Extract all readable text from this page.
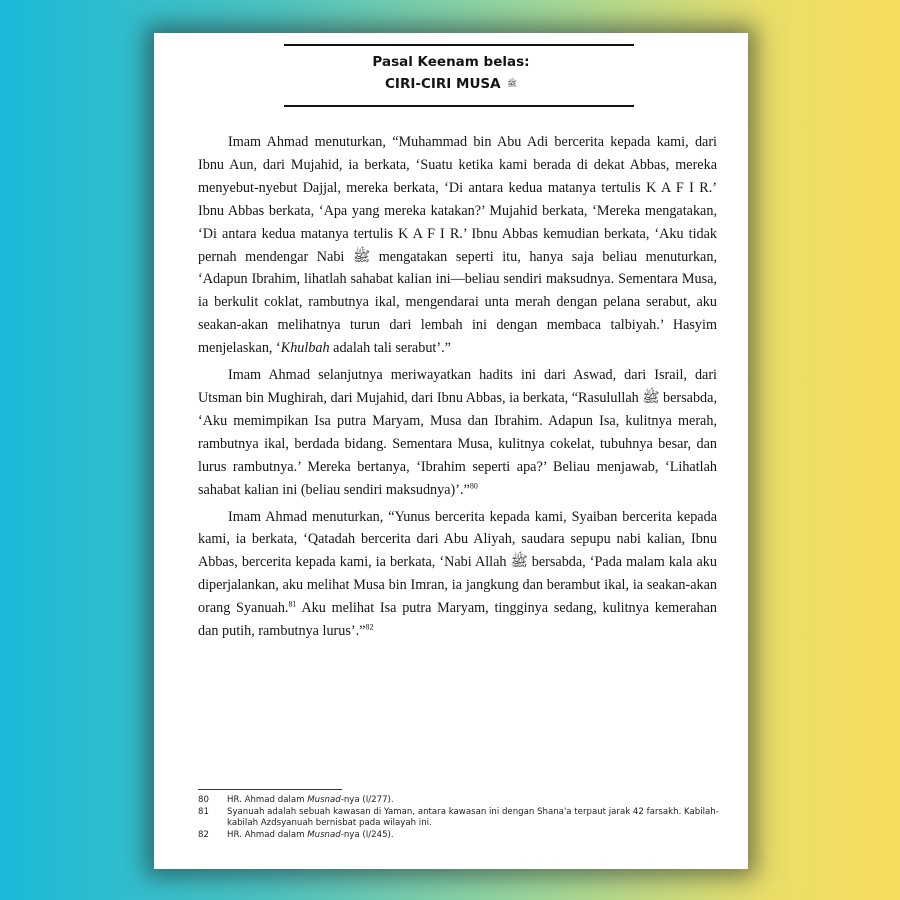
Pasal Keenam belas:
CIRI-CIRI MUSA ﷺ

Imam Ahmad menuturkan, “Muhammad bin Abu Adi bercerita kepada kami, dari Ibnu Aun, dari Mujahid, ia berkata, ‘Suatu ketika kami berada di dekat Abbas, mereka menyebut-nyebut Dajjal, mereka berkata, ‘Di antara kedua matanya tertulis K A F I R.’ Ibnu Abbas berkata, ‘Apa yang mereka katakan?’ Mujahid berkata, ‘Mereka mengatakan, ‘Di antara kedua matanya tertulis K A F I R.’ Ibnu Abbas kemudian berkata, ‘Aku tidak pernah mendengar Nabi ﷺ mengatakan seperti itu, hanya saja beliau menuturkan, ‘Adapun Ibrahim, lihatlah sahabat kalian ini—beliau sendiri maksudnya. Sementara Musa, ia berkulit coklat, rambutnya ikal, mengendarai unta merah dengan pelana serabut, aku seakan-akan melihatnya turun dari lembah ini dengan membaca talbiyah.’ Hasyim menjelaskan, ‘Khulbah adalah tali serabut’.”

Imam Ahmad selanjutnya meriwayatkan hadits ini dari Aswad, dari Israil, dari Utsman bin Mughirah, dari Mujahid, dari Ibnu Abbas, ia berkata, “Rasulullah ﷺ bersabda, ‘Aku memimpikan Isa putra Maryam, Musa dan Ibrahim. Adapun Isa, kulitnya merah, rambutnya ikal, berdada bidang. Sementara Musa, kulitnya cokelat, tubuhnya besar, dan lurus rambutnya.’ Mereka bertanya, ‘Ibrahim seperti apa?’ Beliau menjawab, ‘Lihatlah sahabat kalian ini (beliau sendiri maksudnya)’.”$^{80}$

Imam Ahmad menuturkan, “Yunus bercerita kepada kami, Syaiban bercerita kepada kami, ia berkata, ‘Qatadah bercerita dari Abu Aliyah, saudara sepupu nabi kalian, Ibnu Abbas, bercerita kepada kami, ia berkata, ‘Nabi Allah ﷺ bersabda, ‘Pada malam kala aku diperjalankan, aku melihat Musa bin Imran, ia jangkung dan berambut ikal, ia seakan-akan orang Syanuah.$^{81}$ Aku melihat Isa putra Maryam, tingginya sedang, kulitnya kemerahan dan putih, rambutnya lurus’.”$^{82}$

80	HR. Ahmad dalam Musnad-nya (I/277).
81	Syanuah adalah sebuah kawasan di Yaman, antara kawasan ini dengan Shana'a terpaut jarak 42 farsakh. Kabilah-kabilah Azdsyanuah bernisbat pada wilayah ini.
82	HR. Ahmad dalam Musnad-nya (I/245).
